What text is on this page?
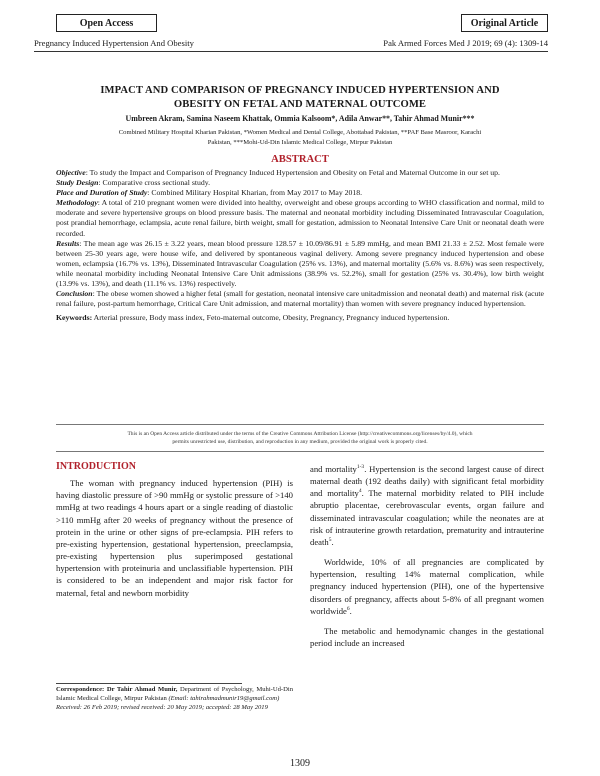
Open Access	Original Article
Pregnancy Induced Hypertension And Obesity	Pak Armed Forces Med J 2019; 69 (4): 1309-14
IMPACT AND COMPARISON OF PREGNANCY INDUCED HYPERTENSION AND
OBESITY ON FETAL AND MATERNAL OUTCOME
Umbreen Akram, Samina Naseem Khattak, Ommia Kalsoom*, Adila Anwar**, Tahir Ahmad Munir***
Combined Military Hospital Kharian Pakistan, *Women Medical and Dental College, Abottabad Pakistan, **PAF Base Masroor, Karachi
Pakistan, ***Mohi-Ud-Din Islamic Medical College, Mirpur Pakistan
ABSTRACT

Objective: To study the Impact and Comparison of Pregnancy Induced Hypertension and Obesity on Fetal and Maternal Outcome in our set up.

Study Design: Comparative cross sectional study.

Place and Duration of Study: Combined Military Hospital Kharian, from May 2017 to May 2018.

Methodology: A total of 210 pregnant women were divided into healthy, overweight and obese groups according to WHO classification and normal, mild to moderate and severe hypertensive groups on blood pressure basis. The maternal and neonatal morbidity including Disseminated Intravascular Coagulation, post prandial hemorrhage, eclampsia, acute renal failure, birth weight, small for gestation, admission to Neonatal Intensive Care Unit or neonatal death were recorded.

Results: The mean age was 26.15 ± 3.22 years, mean blood pressure 128.57 ± 10.09/86.91 ± 5.89 mmHg, and mean BMI 21.33 ± 2.52. Most female were between 25-30 years age, were house wife, and delivered by spontaneous vaginal delivery. Among severe pregnancy induced hypertension and obese women, eclampsia (16.7% vs. 13%), Disseminated Intravascular Coagulation (25% vs. 13%), and maternal mortality (5.6% vs. 8.6%) was seen respectively, while neonatal morbidity including Neonatal Intensive Care Unit admissions (38.9% vs. 52.2%), small for gestation (25% vs. 30.4%), low birth weight (13.9% vs. 13%), and death (11.1% vs. 13%) respectively.

Conclusion: The obese women showed a higher fetal (small for gestation, neonatal intensive care unitadmission and neonatal death) and maternal risk (acute renal failure, post-partum hemorrhage, Critical Care Unit admission, and maternal mortality) than women with severe pregnancy induced hypertension.

Keywords: Arterial pressure, Body mass index, Feto-maternal outcome, Obesity, Pregnancy, Pregnancy induced hypertension.

This is an Open Access article distributed under the terms of the Creative Commons Attribution License (http://creativecommons.org/licenses/by/4.0), which
permits unrestricted use, distribution, and reproduction in any medium, provided the original work is properly cited.
INTRODUCTION

The woman with pregnancy induced hypertension (PIH) is having diastolic pressure of >90 mmHg or systolic pressure of >140 mmHg at two readings 4 hours apart or a single reading of diastolic >110 mmHg after 20 weeks of pregnancy without the presence of protein in the urine or other signs of pre-eclampsia. PIH refers to pre-existing hypertension, gestational hypertension, preeclampsia, pre-existing hypertension plus superimposed gestational hypertension with proteinuria and unclassifiable hypertension. PIH is considered to be an independent and major risk factor for maternal, fetal and newborn morbidity

and mortality$^{1-3}$. Hypertension is the second largest cause of direct maternal death (192 deaths daily) with significant fetal morbidity and mortality$^4$. The maternal morbidity related to PIH include abruptio placentae, cerebrovascular events, organ failure and disseminated intravascular coagulation; while the neonates are at risk of intrauterine growth retardation, prematurity and intrauterine death$^5$.

Worldwide, 10% of all pregnancies are complicated by hypertension, resulting 14% maternal complication, while pregnancy induced hypertension (PIH), one of the hypertensive disorders of pregnancy, affects about 5-8% of all pregnant women worldwide$^6$.

The metabolic and hemodynamic changes in the gestational period include an increased

Correspondence: Dr Tahir Ahmad Munir, Department of Psychology, Muhi-Ud-Din Islamic Medical College, Mirpur Pakistan (Email: tahirahmadmunir19@gmail.com)
Received: 26 Feb 2019; revised received: 20 May 2019; accepted: 28 May 2019
1309
